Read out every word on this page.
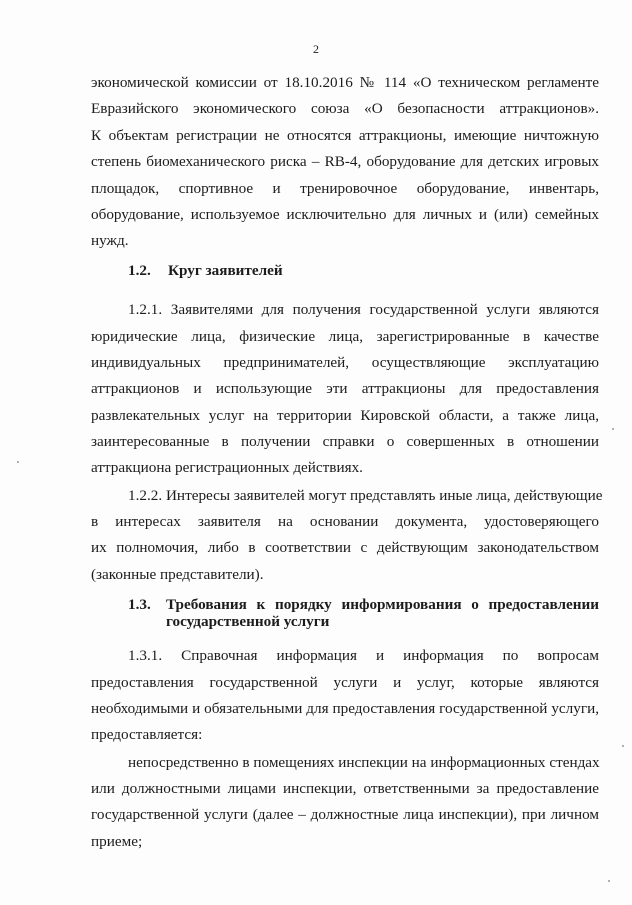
2
экономической комиссии от 18.10.2016 № 114 «О техническом регламенте
Евразийского экономического союза «О безопасности аттракционов».
К объектам регистрации не относятся аттракционы, имеющие ничтожную
степень биомеханического риска – RB-4, оборудование для детских игровых
площадок, спортивное и тренировочное оборудование, инвентарь,
оборудование, используемое исключительно для личных и (или) семейных
нужд.
1.2. Круг заявителей
1.2.1. Заявителями для получения государственной услуги являются
юридические лица, физические лица, зарегистрированные в качестве
индивидуальных предпринимателей, осуществляющие эксплуатацию
аттракционов и использующие эти аттракционы для предоставления
развлекательных услуг на территории Кировской области, а также лица,
заинтересованные в получении справки о совершенных в отношении
аттракциона регистрационных действиях.
1.2.2. Интересы заявителей могут представлять иные лица, действующие
в интересах заявителя на основании документа, удостоверяющего
их полномочия, либо в соответствии с действующим законодательством
(законные представители).
1.3. Требования к порядку информирования о предоставлении
государственной услуги
1.3.1. Справочная информация и информация по вопросам
предоставления государственной услуги и услуг, которые являются
необходимыми и обязательными для предоставления государственной услуги,
предоставляется:
непосредственно в помещениях инспекции на информационных стендах
или должностными лицами инспекции, ответственными за предоставление
государственной услуги (далее – должностные лица инспекции), при личном
приеме;
